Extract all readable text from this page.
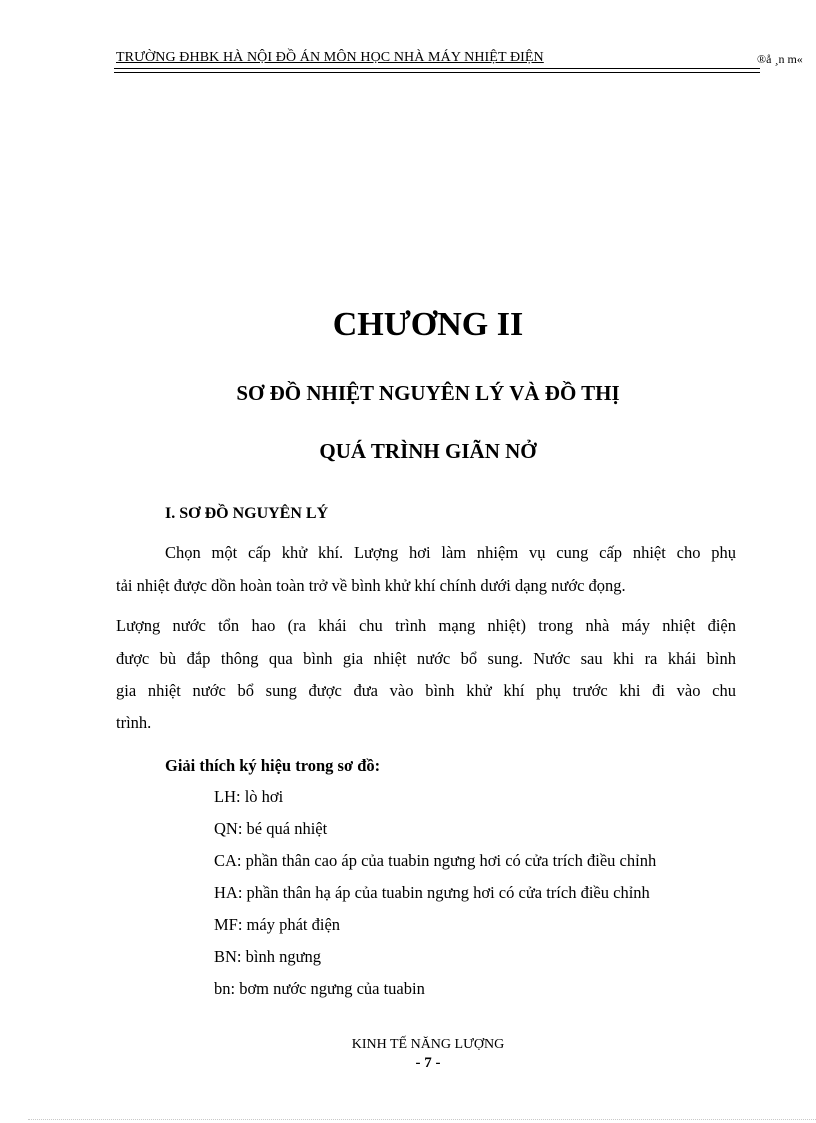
TRƯỜNG ĐHBK HÀ NỘI ĐỒ ÁN MÔN HỌC NHÀ MÁY NHIỆT ĐIỆN	®å ¸n m«
CHƯƠNG II
SƠ ĐỒ NHIỆT NGUYÊN LÝ VÀ ĐỒ THỊ
QUÁ TRÌNH GIÃN NỞ
I. SƠ ĐỒ NGUYÊN LÝ
Chọn một cấp khử khí. Lượng hơi làm nhiệm vụ cung cấp nhiệt cho phụ
tải nhiệt được dồn hoàn toàn trở về bình khử khí chính dưới dạng nước đọng.
Lượng nước tổn hao (ra khái chu trình mạng nhiệt) trong nhà máy nhiệt điện
được bù đắp thông qua bình gia nhiệt nước bổ sung. Nước sau khi ra khái bình
gia nhiệt nước bổ sung được đưa vào bình khử khí phụ trước khi đi vào chu
trình.
Giải thích ký hiệu trong sơ đồ:
LH: lò hơi
QN: bé quá nhiệt
CA: phần thân cao áp của tuabin ngưng hơi có cửa trích điều chỉnh
HA: phần thân hạ áp của tuabin ngưng hơi có cửa trích điều chỉnh
MF: máy phát điện
BN: bình ngưng
bn: bơm nước ngưng của tuabin
KINH TẾ NĂNG LƯỢNG
- 7 -
